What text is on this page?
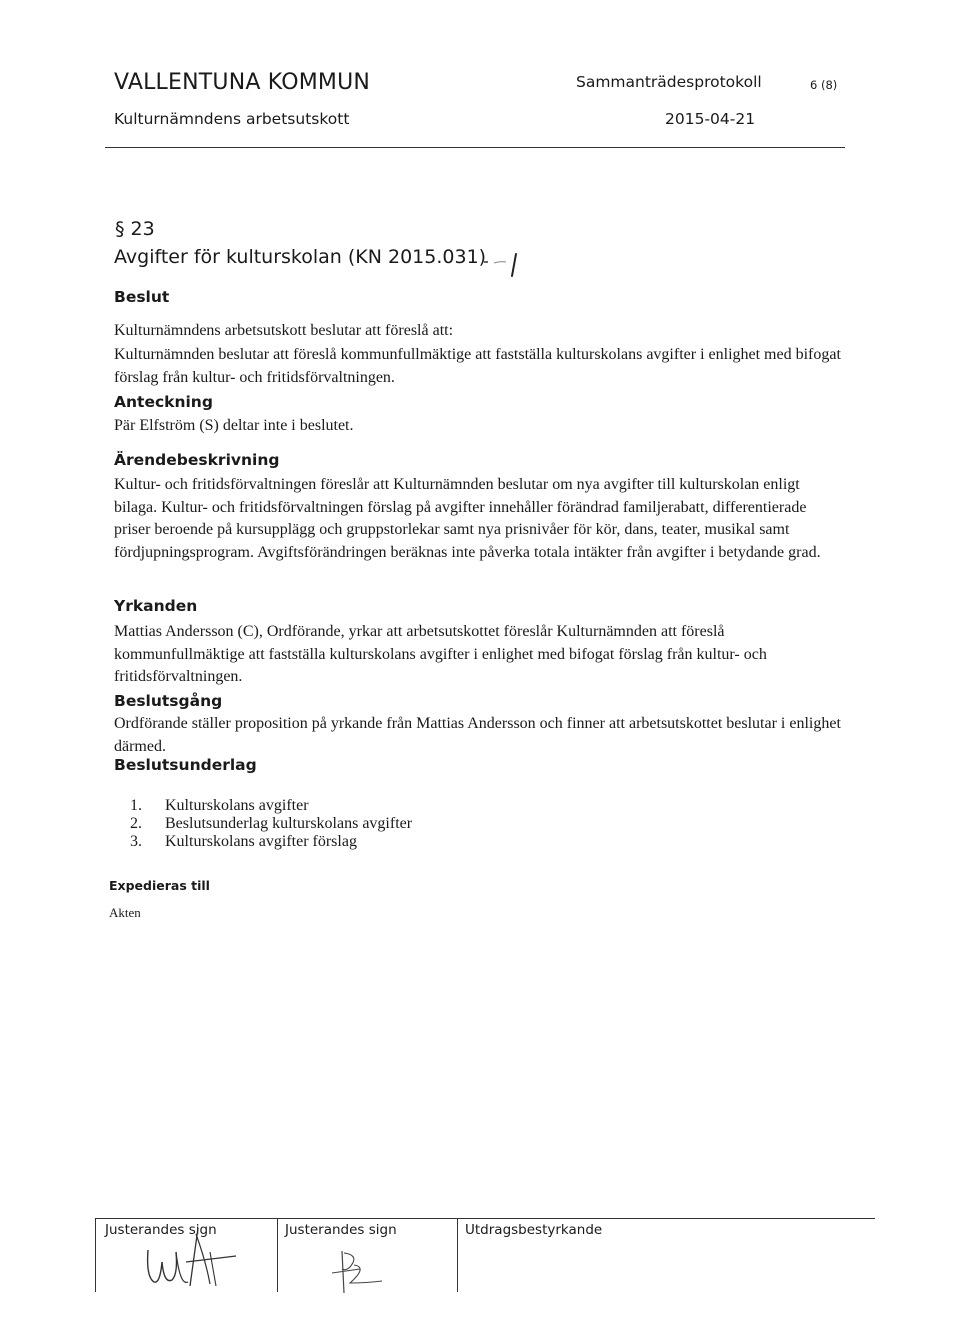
VALLENTUNA KOMMUN	Sammanträdesprotokoll	6 (8)
Kulturnämndens arbetsutskott	2015-04-21
§ 23
Avgifter för kulturskolan (KN 2015.031)
Beslut

Kulturnämndens arbetsutskott beslutar att föreslå att:

Kulturnämnden beslutar att föreslå kommunfullmäktige att fastställa kulturskolans avgifter i enlighet med bifogat förslag från kultur- och fritidsförvaltningen.

Anteckning

Pär Elfström (S) deltar inte i beslutet.

Ärendebeskrivning

Kultur- och fritidsförvaltningen föreslår att Kulturnämnden beslutar om nya avgifter till kulturskolan enligt bilaga. Kultur- och fritidsförvaltningen förslag på avgifter innehåller förändrad familjerabatt, differentierade priser beroende på kursupplägg och gruppstorlekar samt nya prisnivåer för kör, dans, teater, musikal samt fördjupningsprogram. Avgiftsförändringen beräknas inte påverka totala intäkter från avgifter i betydande grad.

Yrkanden

Mattias Andersson (C), Ordförande, yrkar att arbetsutskottet föreslår Kulturnämnden att föreslå kommunfullmäktige att fastställa kulturskolans avgifter i enlighet med bifogat förslag från kultur- och fritidsförvaltningen.

Beslutsgång

Ordförande ställer proposition på yrkande från Mattias Andersson och finner att arbetsutskottet beslutar i enlighet därmed.

Beslutsunderlag
1.	Kulturskolans avgifter
2.	Beslutsunderlag kulturskolans avgifter
3.	Kulturskolans avgifter förslag
Expedieras till
Akten
Justerandes sign	Justerandes sign	Utdragsbestyrkande
